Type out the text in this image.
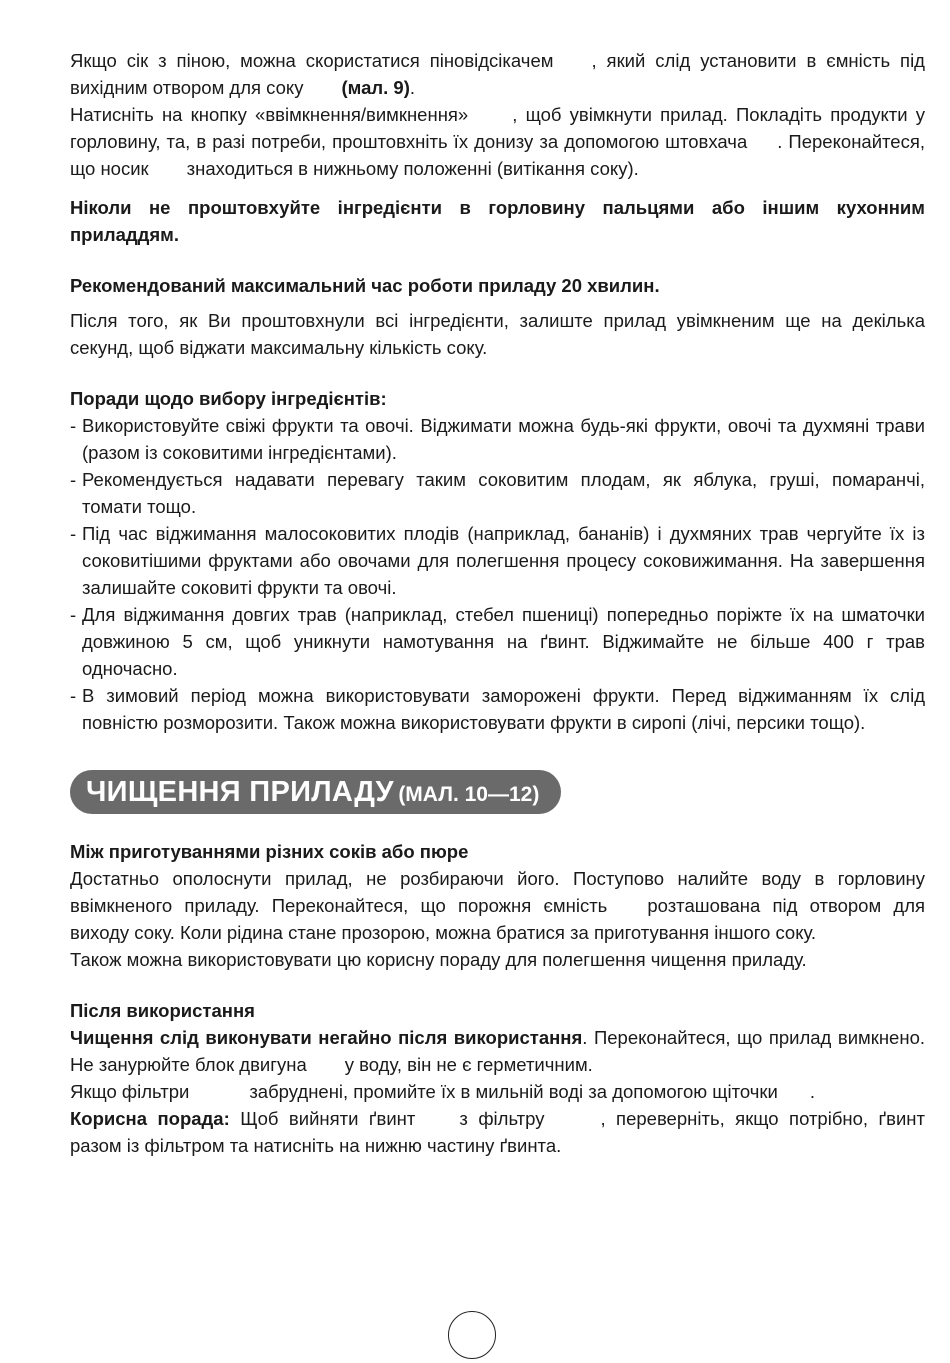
Якщо сік з піною, можна скористатися піновідсікачем , який слід установити в ємність під вихідним отвором для соку (мал. 9).

Натисніть на кнопку «ввімкнення/вимкнення» , щоб увімкнути прилад. Покладіть продукти у горловину, та, в разі потреби, проштовхніть їх донизу за допомогою штовхача . Переконайтеся, що носик знаходиться в нижньому положенні (витікання соку).

Ніколи не проштовхуйте інгредієнти в горловину пальцями або іншим кухонним приладдям.

Рекомендований максимальний час роботи приладу 20 хвилин.

Після того, як Ви проштовхнули всі інгредієнти, залиште прилад увімкненим ще на декілька секунд, щоб віджати максимальну кількість соку.

Поради щодо вибору інгредієнтів:

- Використовуйте свіжі фрукти та овочі. Віджимати можна будь-які фрукти, овочі та духмяні трави (разом із соковитими інгредієнтами).
- Рекомендується надавати перевагу таким соковитим плодам, як яблука, груші, помаранчі, томати тощо.
- Під час віджимання малосоковитих плодів (наприклад, бананів) і духмяних трав чергуйте їх із соковитішими фруктами або овочами для полегшення процесу соковижимання. На завершення залишайте соковиті фрукти та овочі.
- Для віджимання довгих трав (наприклад, стебел пшениці) попередньо поріжте їх на шматочки довжиною 5 см, щоб уникнути намотування на ґвинт. Віджимайте не більше 400 г трав одночасно.
- В зимовий період можна використовувати заморожені фрукти. Перед віджиманням їх слід повністю розморозити. Також можна використовувати фрукти в сиропі (лічі, персики тощо).
ЧИЩЕННЯ ПРИЛАДУ (МАЛ. 10—12)

Між приготуваннями різних соків або пюре

Достатньо ополоснути прилад, не розбираючи його. Поступово налийте воду в горловину ввімкненого приладу. Переконайтеся, що порожня ємність розташована під отвором для виходу соку. Коли рідина стане прозорою, можна братися за приготування іншого соку.

Також можна використовувати цю корисну пораду для полегшення чищення приладу.

Після використання

Чищення слід виконувати негайно після використання. Переконайтеся, що прилад вимкнено. Не занурюйте блок двигуна у воду, він не є герметичним.

Якщо фільтри	забруднені, промийте їх в мильній воді за допомогою щіточки .

Корисна порада: Щоб вийняти ґвинт з фільтру	, переверніть, якщо потрібно, ґвинт разом із фільтром та натисніть на нижню частину ґвинта.
